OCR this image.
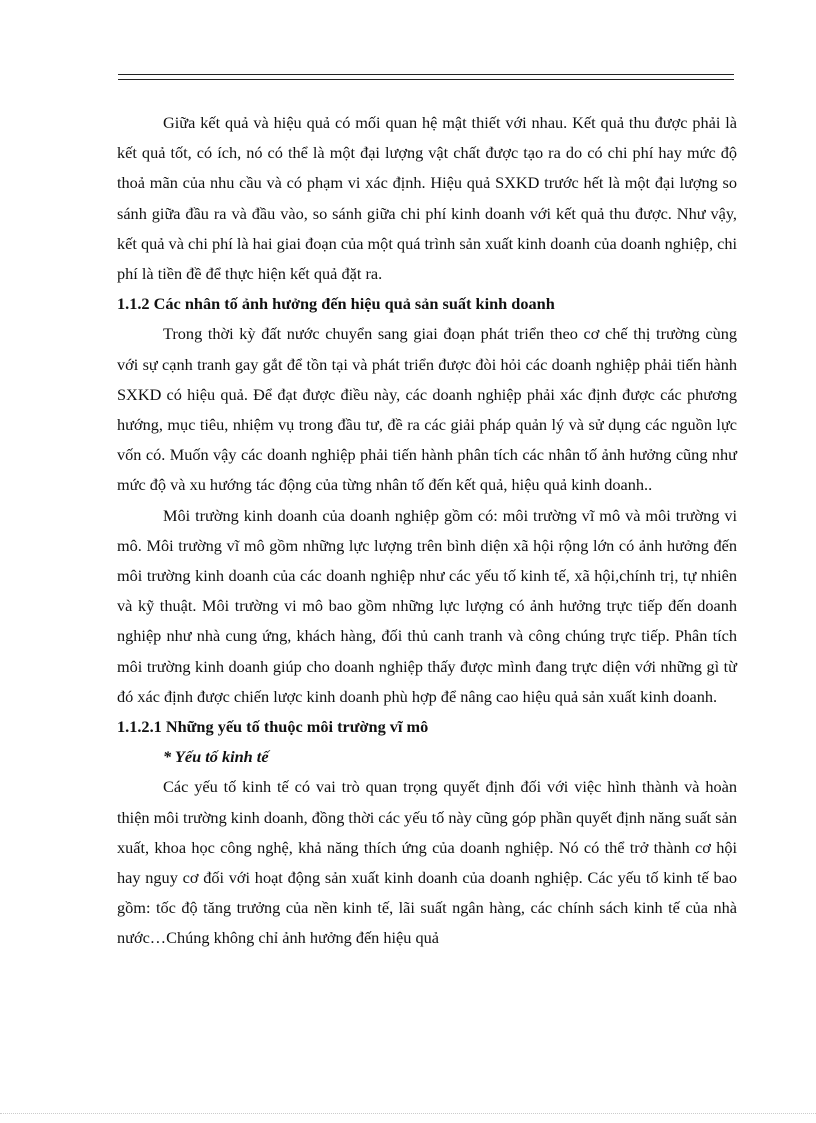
Giữa kết quả và hiệu quả có mối quan hệ mật thiết với nhau. Kết quả thu được phải là kết quả tốt, có ích, nó có thể là một đại lượng vật chất được tạo ra do có chi phí hay mức độ thoả mãn của nhu cầu và có phạm vi xác định. Hiệu quả SXKD trước hết là một đại lượng so sánh giữa đầu ra và đầu vào, so sánh giữa chi phí kinh doanh với kết quả thu được. Như vậy, kết quả và chi phí là hai giai đoạn của một quá trình sản xuất kinh doanh của doanh nghiệp, chi phí là tiền đề để thực hiện kết quả đặt ra.

1.1.2 Các nhân tố ảnh hưởng đến hiệu quả sản suất kinh doanh

Trong thời kỳ đất nước chuyển sang giai đoạn phát triển theo cơ chế thị trường cùng với sự cạnh tranh gay gắt để tồn tại và phát triển được đòi hỏi các doanh nghiệp phải tiến hành SXKD có hiệu quả. Để đạt được điều này, các doanh nghiệp phải xác định được các phương hướng, mục tiêu, nhiệm vụ trong đầu tư, đề ra các giải pháp quản lý và sử dụng các nguồn lực vốn có. Muốn vậy các doanh nghiệp phải tiến hành phân tích các nhân tố ảnh hưởng cũng như mức độ và xu hướng tác động của từng nhân tố đến kết quả, hiệu quả kinh doanh..

Môi trường kinh doanh của doanh nghiệp gồm có: môi trường vĩ mô và môi trường vi mô. Môi trường vĩ mô gồm những lực lượng trên bình diện xã hội rộng lớn có ảnh hưởng đến môi trường kinh doanh của các doanh nghiệp như các yếu tố kinh tế, xã hội,chính trị, tự nhiên và kỹ thuật. Môi trường vi mô bao gồm những lực lượng có ảnh hưởng trực tiếp đến doanh nghiệp như nhà cung ứng, khách hàng, đối thủ canh tranh và công chúng trực tiếp. Phân tích môi trường kinh doanh giúp cho doanh nghiệp thấy được mình đang trực diện với những gì từ đó xác định được chiến lược kinh doanh phù hợp để nâng cao hiệu quả sản xuất kinh doanh.

1.1.2.1 Những yếu tố thuộc môi trường vĩ mô
* Yếu tố kinh tế

Các yếu tố kinh tế có vai trò quan trọng quyết định đối với việc hình thành và hoàn thiện môi trường kinh doanh, đồng thời các yếu tố này cũng góp phần quyết định năng suất sản xuất, khoa học công nghệ, khả năng thích ứng của doanh nghiệp. Nó có thể trở thành cơ hội hay nguy cơ đối với hoạt động sản xuất kinh doanh của doanh nghiệp. Các yếu tố kinh tế bao gồm: tốc độ tăng trưởng của nền kinh tế, lãi suất ngân hàng, các chính sách kinh tế của nhà nước…Chúng không chỉ ảnh hưởng đến hiệu quả
